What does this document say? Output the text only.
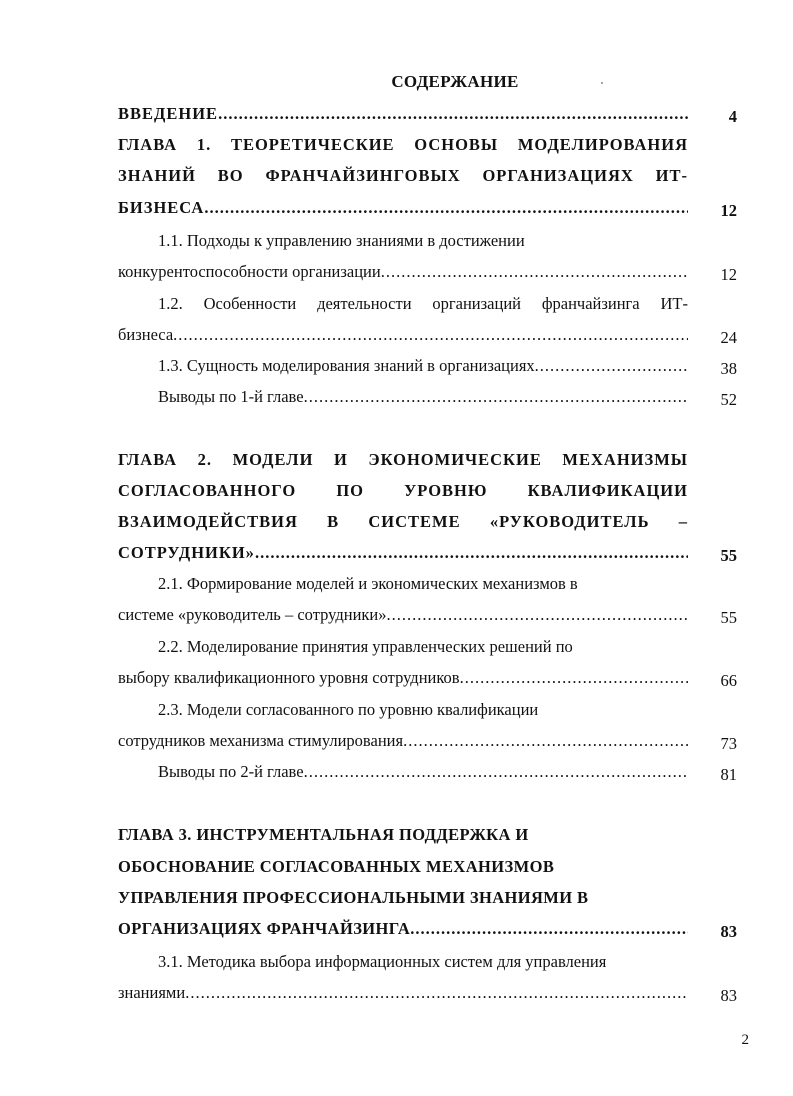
СОДЕРЖАНИЕ
ВВЕДЕНИЕ .....	4
ГЛАВА 1. ТЕОРЕТИЧЕСКИЕ ОСНОВЫ МОДЕЛИРОВАНИЯ
ЗНАНИЙ ВО ФРАНЧАЙЗИНГОВЫХ ОРГАНИЗАЦИЯХ ИТ-
БИЗНЕСА .....	12
1.1. Подходы к управлению знаниями в достижении
конкурентоспособности организации .....	12
1.2. Особенности деятельности организаций франчайзинга ИТ-
бизнеса .....	24
1.3. Сущность моделирования знаний в организациях .....	38
Выводы по 1-й главе .....	52
ГЛАВА 2. МОДЕЛИ И ЭКОНОМИЧЕСКИЕ МЕХАНИЗМЫ
СОГЛАСОВАННОГО ПО УРОВНЮ КВАЛИФИКАЦИИ
ВЗАИМОДЕЙСТВИЯ В СИСТЕМЕ «РУКОВОДИТЕЛЬ –
СОТРУДНИКИ» .....	55
2.1. Формирование моделей и экономических механизмов в
системе «руководитель – сотрудники» .....	55
2.2. Моделирование принятия управленческих решений по
выбору квалификационного уровня сотрудников .....	66
2.3. Модели согласованного по уровню квалификации
сотрудников механизма стимулирования .....	73
Выводы по 2-й главе .....	81
ГЛАВА 3. ИНСТРУМЕНТАЛЬНАЯ ПОДДЕРЖКА И
ОБОСНОВАНИЕ СОГЛАСОВАННЫХ МЕХАНИЗМОВ
УПРАВЛЕНИЯ ПРОФЕССИОНАЛЬНЫМИ ЗНАНИЯМИ В
ОРГАНИЗАЦИЯХ ФРАНЧАЙЗИНГА .....	83
3.1. Методика выбора информационных систем для управления
знаниями .....	83
2
